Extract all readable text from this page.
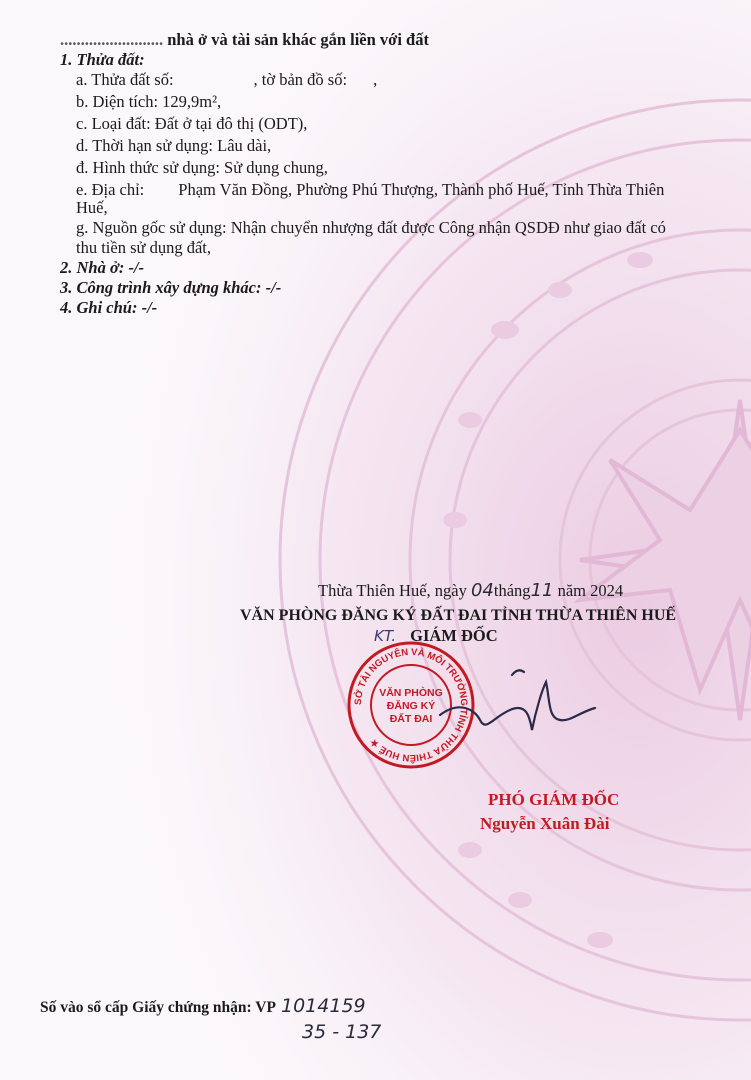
......................... nhà ở và tài sản khác gắn liền với đất
1. Thửa đất:
a. Thửa đất số:	, tờ bản đồ số: ,
b. Diện tích: 129,9m²,
c. Loại đất: Đất ở tại đô thị (ODT),
d. Thời hạn sử dụng: Lâu dài,
đ. Hình thức sử dụng: Sử dụng chung,
e. Địa chỉ: Phạm Văn Đồng, Phường Phú Thượng, Thành phố Huế, Tỉnh Thừa Thiên
Huế,
g. Nguồn gốc sử dụng: Nhận chuyển nhượng đất được Công nhận QSDĐ như giao đất có
thu tiền sử dụng đất,
2. Nhà ở: -/-
3. Công trình xây dựng khác: -/-
4. Ghi chú: -/-
Thừa Thiên Huế, ngày 04tháng11 năm 2024
VĂN PHÒNG ĐĂNG KÝ ĐẤT ĐAI TỈNH THỪA THIÊN HUẾ
KT. GIÁM ĐỐC
SỞ TÀI NGUYÊN VÀ MÔI TRƯỜNG TỈNH THỪA THIÊN HUẾ ★
VĂN PHÒNG
ĐĂNG KÝ
ĐẤT ĐAI
PHÓ GIÁM ĐỐC
Nguyễn Xuân Đài
Số vào sổ cấp Giấy chứng nhận: VP 1014159
35 - 137
